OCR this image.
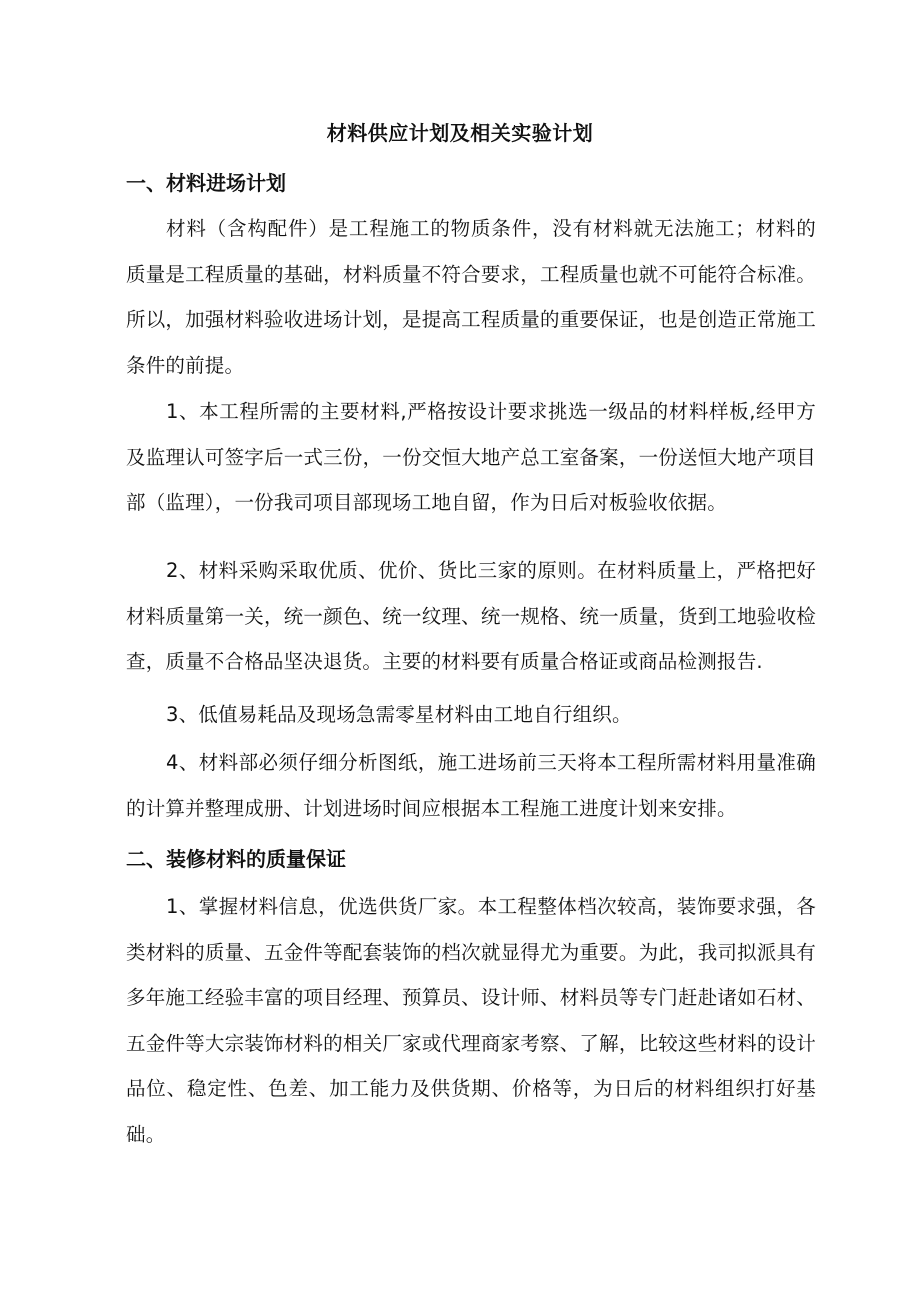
材料供应计划及相关实验计划
一、材料进场计划

材料（含构配件）是工程施工的物质条件，没有材料就无法施工；材料的质量是工程质量的基础，材料质量不符合要求，工程质量也就不可能符合标准。所以，加强材料验收进场计划，是提高工程质量的重要保证，也是创造正常施工条件的前提。

1、本工程所需的主要材料,严格按设计要求挑选一级品的材料样板,经甲方及监理认可签字后一式三份，一份交恒大地产总工室备案，一份送恒大地产项目部（监理），一份我司项目部现场工地自留，作为日后对板验收依据。

2、材料采购采取优质、优价、货比三家的原则。在材料质量上，严格把好材料质量第一关，统一颜色、统一纹理、统一规格、统一质量，货到工地验收检查，质量不合格品坚决退货。主要的材料要有质量合格证或商品检测报告.

3、低值易耗品及现场急需零星材料由工地自行组织。

4、材料部必须仔细分析图纸，施工进场前三天将本工程所需材料用量准确的计算并整理成册、计划进场时间应根据本工程施工进度计划来安排。

二、装修材料的质量保证

1、掌握材料信息，优选供货厂家。本工程整体档次较高，装饰要求强，各类材料的质量、五金件等配套装饰的档次就显得尤为重要。为此，我司拟派具有多年施工经验丰富的项目经理、预算员、设计师、材料员等专门赶赴诸如石材、五金件等大宗装饰材料的相关厂家或代理商家考察、了解，比较这些材料的设计品位、稳定性、色差、加工能力及供货期、价格等，为日后的材料组织打好基础。
